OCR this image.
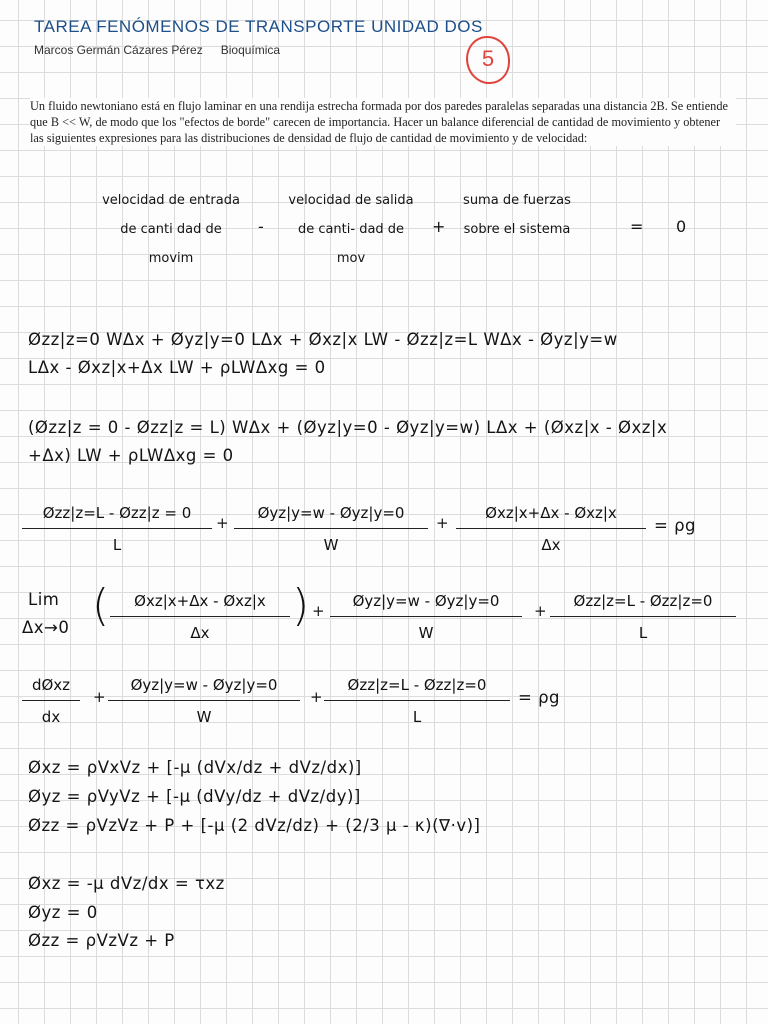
TAREA FENÓMENOS DE TRANSPORTE UNIDAD DOS
Marcos Germán Cázares Pérez Bioquímica	5
Un fluido newtoniano está en flujo laminar en una rendija estrecha formada por dos paredes paralelas separadas una distancia 2B. Se entiende que B << W, de modo que los "efectos de borde" carecen de importancia. Hacer un balance diferencial de cantidad de movimiento y obtener las siguientes expresiones para las distribuciones de densidad de flujo de cantidad de movimiento y de velocidad:
velocidad de entrada de canti dad de movim
-
velocidad de salida de canti- dad de mov
+
suma de fuerzas sobre el sistema	= 0
Øzz|z=0 WΔx + Øyz|y=0 LΔx + Øxz|x LW - Øzz|z=L WΔx - Øyz|y=w
LΔx - Øxz|x+Δx LW + ρLWΔxg = 0
(Øzz|z = 0 - Øzz|z = L) WΔx + (Øyz|y=0 - Øyz|y=w) LΔx + (Øxz|x - Øxz|x
+Δx) LW + ρLWΔxg = 0
Øzz|z=L - Øzz|z = 0
L
+
Øyz|y=w - Øyz|y=0
W
+
Øxz|x+Δx - Øxz|x
Δx
= ρg
Lim
Δx→0 (	Øxz|x+Δx - Øxz|x
Δx
) +
Øyz|y=w - Øyz|y=0
W
+
Øzz|z=L - Øzz|z=0
L
dØxz
dx
+
Øyz|y=w - Øyz|y=0
W
+
Øzz|z=L - Øzz|z=0
L
= ρg
Øxz = ρVxVz + [-μ (dVx/dz + dVz/dx)]
Øyz = ρVyVz + [-μ (dVy/dz + dVz/dy)]
Øzz = ρVzVz + P + [-μ (2 dVz/dz) + (2/3 μ - κ)(∇·v)]
Øxz = -μ dVz/dx = τxz
Øyz = 0
Øzz = ρVzVz + P
